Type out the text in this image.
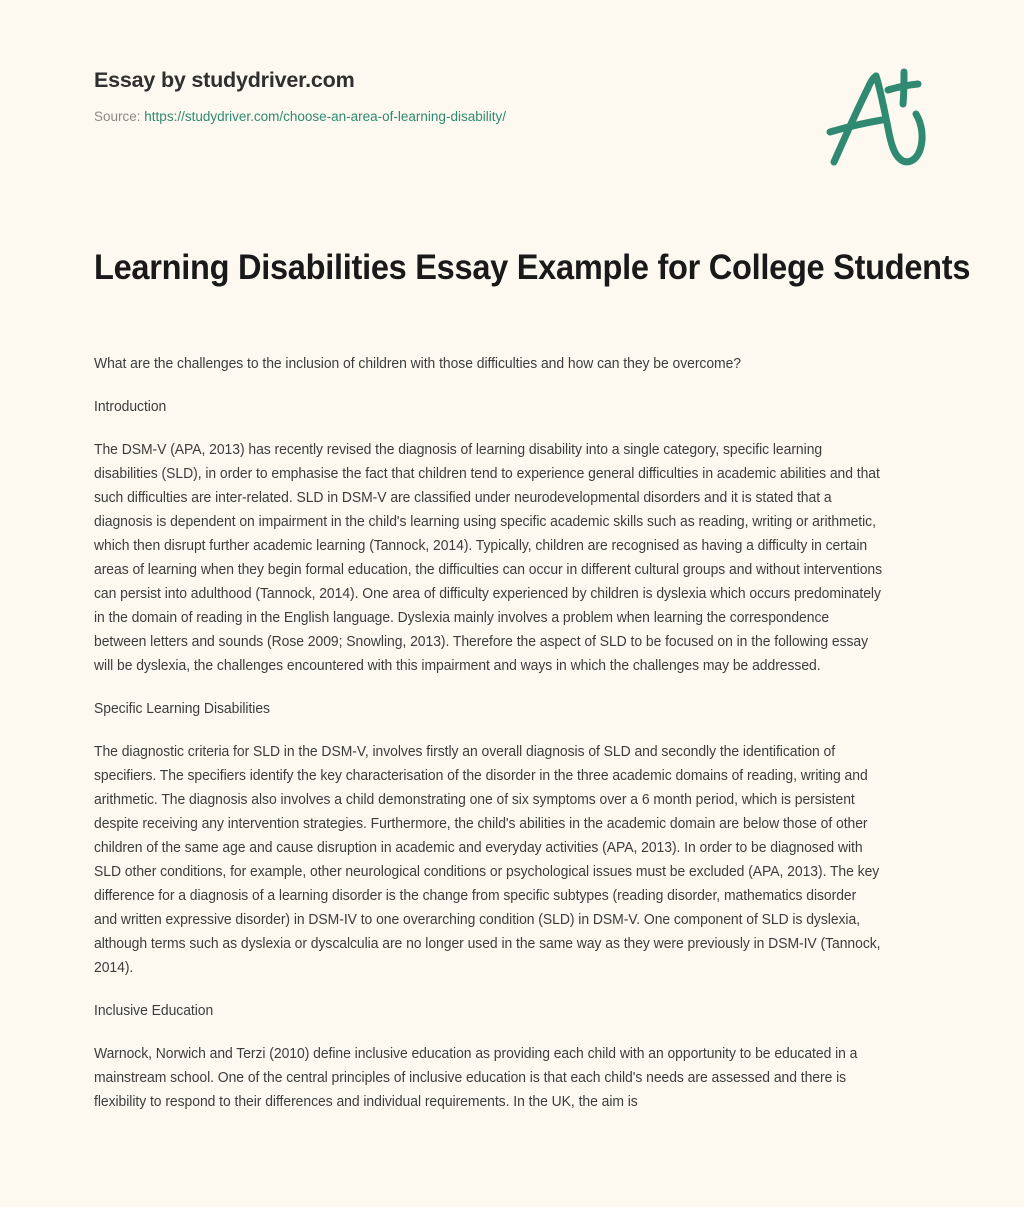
Essay by studydriver.com
Source: https://studydriver.com/choose-an-area-of-learning-disability/
Learning Disabilities Essay Example for College Students

What are the challenges to the inclusion of children with those difficulties and how can they be overcome?

Introduction

The DSM-V (APA, 2013) has recently revised the diagnosis of learning disability into a single category, specific learning disabilities (SLD), in order to emphasise the fact that children tend to experience general difficulties in academic abilities and that such difficulties are inter-related. SLD in DSM-V are classified under neurodevelopmental disorders and it is stated that a diagnosis is dependent on impairment in the child's learning using specific academic skills such as reading, writing or arithmetic, which then disrupt further academic learning (Tannock, 2014). Typically, children are recognised as having a difficulty in certain areas of learning when they begin formal education, the difficulties can occur in different cultural groups and without interventions can persist into adulthood (Tannock, 2014). One area of difficulty experienced by children is dyslexia which occurs predominately in the domain of reading in the English language. Dyslexia mainly involves a problem when learning the correspondence between letters and sounds (Rose 2009; Snowling, 2013). Therefore the aspect of SLD to be focused on in the following essay will be dyslexia, the challenges encountered with this impairment and ways in which the challenges may be addressed.

Specific Learning Disabilities

The diagnostic criteria for SLD in the DSM-V, involves firstly an overall diagnosis of SLD and secondly the identification of specifiers. The specifiers identify the key characterisation of the disorder in the three academic domains of reading, writing and arithmetic. The diagnosis also involves a child demonstrating one of six symptoms over a 6 month period, which is persistent despite receiving any intervention strategies. Furthermore, the child's abilities in the academic domain are below those of other children of the same age and cause disruption in academic and everyday activities (APA, 2013). In order to be diagnosed with SLD other conditions, for example, other neurological conditions or psychological issues must be excluded (APA, 2013). The key difference for a diagnosis of a learning disorder is the change from specific subtypes (reading disorder, mathematics disorder and written expressive disorder) in DSM-IV to one overarching condition (SLD) in DSM-V. One component of SLD is dyslexia, although terms such as dyslexia or dyscalculia are no longer used in the same way as they were previously in DSM-IV (Tannock, 2014).

Inclusive Education

Warnock, Norwich and Terzi (2010) define inclusive education as providing each child with an opportunity to be educated in a mainstream school. One of the central principles of inclusive education is that each child's needs are assessed and there is flexibility to respond to their differences and individual requirements. In the UK, the aim is
